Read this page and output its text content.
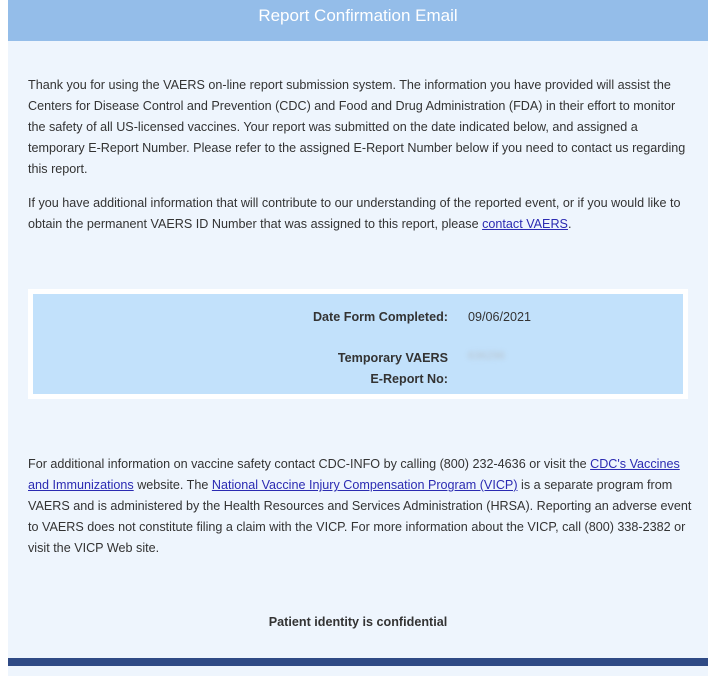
Report Confirmation Email

Thank you for using the VAERS on-line report submission system. The information you have provided will assist the Centers for Disease Control and Prevention (CDC) and Food and Drug Administration (FDA) in their effort to monitor the safety of all US-licensed vaccines. Your report was submitted on the date indicated below, and assigned a temporary E-Report Number. Please refer to the assigned E-Report Number below if you need to contact us regarding this report.

If you have additional information that will contribute to our understanding of the reported event, or if you would like to obtain the permanent VAERS ID Number that was assigned to this report, please contact VAERS.

Date Form Completed: 09/06/2021
Temporary VAERS
E-Report No:
636296

For additional information on vaccine safety contact CDC-INFO by calling (800) 232-4636 or visit the CDC's Vaccines and Immunizations website. The National Vaccine Injury Compensation Program (VICP) is a separate program from VAERS and is administered by the Health Resources and Services Administration (HRSA). Reporting an adverse event to VAERS does not constitute filing a claim with the VICP. For more information about the VICP, call (800) 338-2382 or visit the VICP Web site.

Patient identity is confidential
